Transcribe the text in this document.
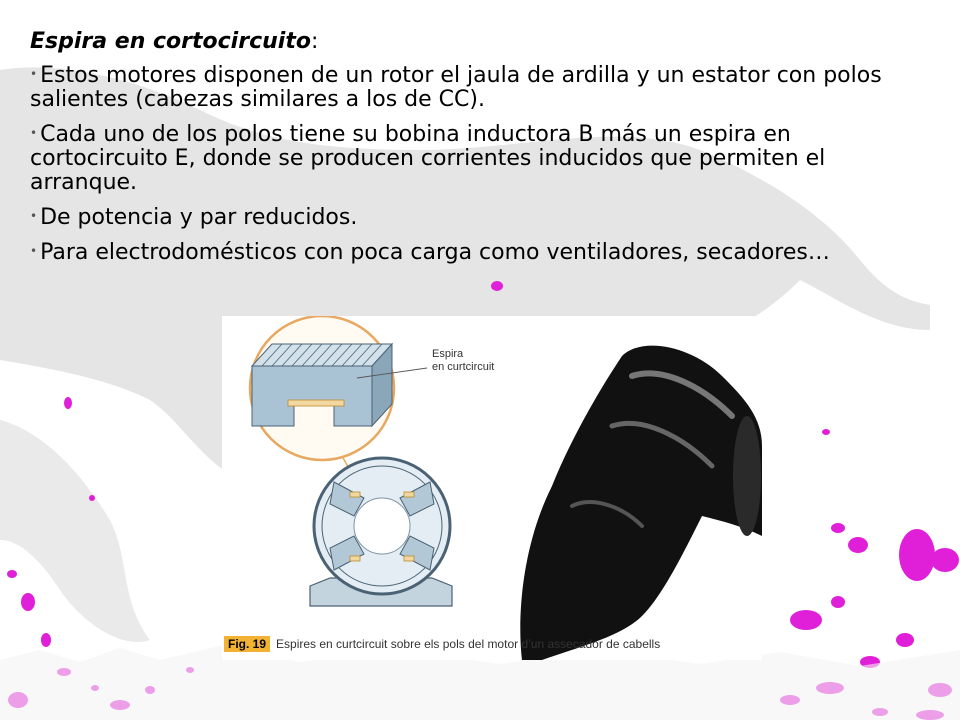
Espira en cortocircuito:
• Estos motores disponen de un rotor el jaula de ardilla y un estator con polos salientes (cabezas similares a los de CC).
• Cada uno de los polos tiene su bobina inductora B más un espira en cortocircuito E, donde se producen corrientes inducidos que permiten el arranque.
• De potencia y par reducidos.
• Para electrodomésticos con poca carga como ventiladores, secadores…
Espira
en curtcircuit
Fig. 19 Espires en curtcircuit sobre els pols del motor d’un assecador de cabells
